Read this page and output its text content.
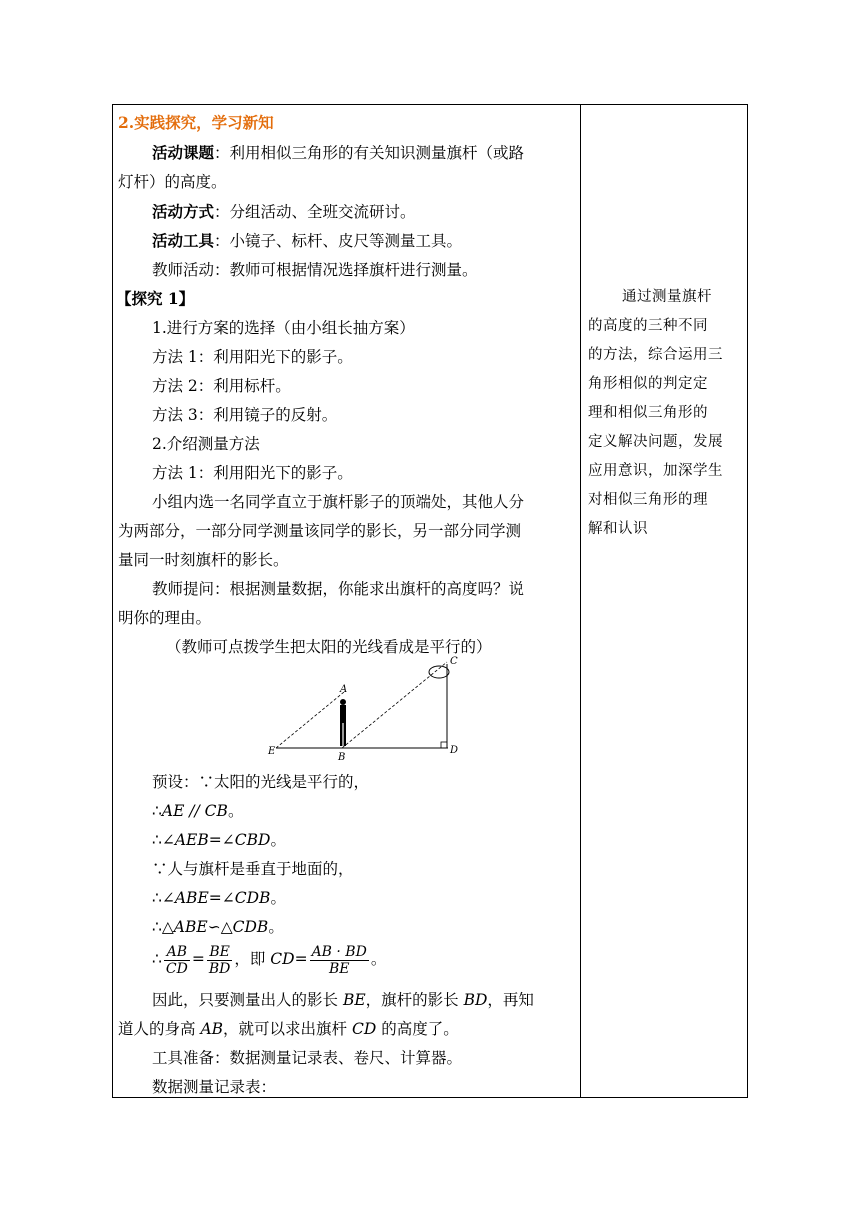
2.实践探究，学习新知
活动课题：利用相似三角形的有关知识测量旗杆（或路
灯杆）的高度。
活动方式：分组活动、全班交流研讨。
活动工具：小镜子、标杆、皮尺等测量工具。
教师活动：教师可根据情况选择旗杆进行测量。
【探究 1】
1.进行方案的选择（由小组长抽方案）
方法 1：利用阳光下的影子。
方法 2：利用标杆。
方法 3：利用镜子的反射。
2.介绍测量方法
方法 1：利用阳光下的影子。
小组内选一名同学直立于旗杆影子的顶端处，其他人分
为两部分，一部分同学测量该同学的影长，另一部分同学测
量同一时刻旗杆的影长。
教师提问：根据测量数据，你能求出旗杆的高度吗？说
明你的理由。
（教师可点拨学生把太阳的光线看成是平行的）
A
B
C
D
E
预设：∵太阳的光线是平行的，
∴AE // CB。
∴∠AEB=∠CBD。
∵人与旗杆是垂直于地面的，
∴∠ABE=∠CDB。
∴△ABE∽△CDB。
∴ $\frac{AB}{CD} = \frac{BE}{BD}$ ，即 $CD= \frac{AB \cdot BD}{BE}$ 。
因此，只要测量出人的影长 BE，旗杆的影长 BD，再知
道人的身高 AB，就可以求出旗杆 CD 的高度了。
工具准备：数据测量记录表、卷尺、计算器。
数据测量记录表：
通过测量旗杆
的高度的三种不同
的方法，综合运用三
角形相似的判定定
理和相似三角形的
定义解决问题，发展
应用意识，加深学生
对相似三角形的理
解和认识
